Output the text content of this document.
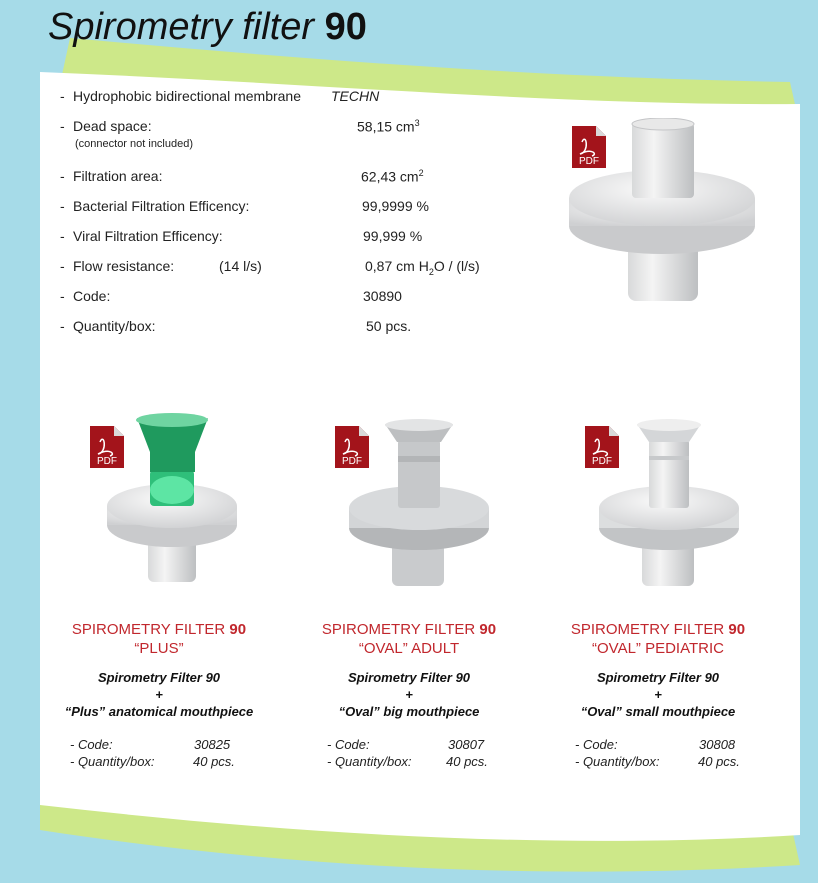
Spirometry filter 90
- Hydrophobic bidirectional membrane TECHN
- Dead space:	58,15 $cm^3$
(connector not included)
- Filtration area:	62,43 $cm^2$
- Bacterial Filtration Efficency:	99,9999 %
- Viral Filtration Efficency:	99,999 %
- Flow resistance:	(14 l/s)	0,87 cm $H_2O / (l/s)$
- Code:	30890
- Quantity/box:	50 pcs.
PDF
PDF	PDF	PDF
SPIROMETRY FILTER 90
“PLUS”
Spirometry Filter 90
+
“Plus” anatomical mouthpiece
- Code:	30825
- Quantity/box:	40 pcs.
SPIROMETRY FILTER 90
“OVAL” ADULT
Spirometry Filter 90
+
“Oval” big mouthpiece
- Code:	30807
- Quantity/box:	40 pcs.
SPIROMETRY FILTER 90
“OVAL” PEDIATRIC
Spirometry Filter 90
+
“Oval” small mouthpiece
- Code:	30808
- Quantity/box:	40 pcs.
